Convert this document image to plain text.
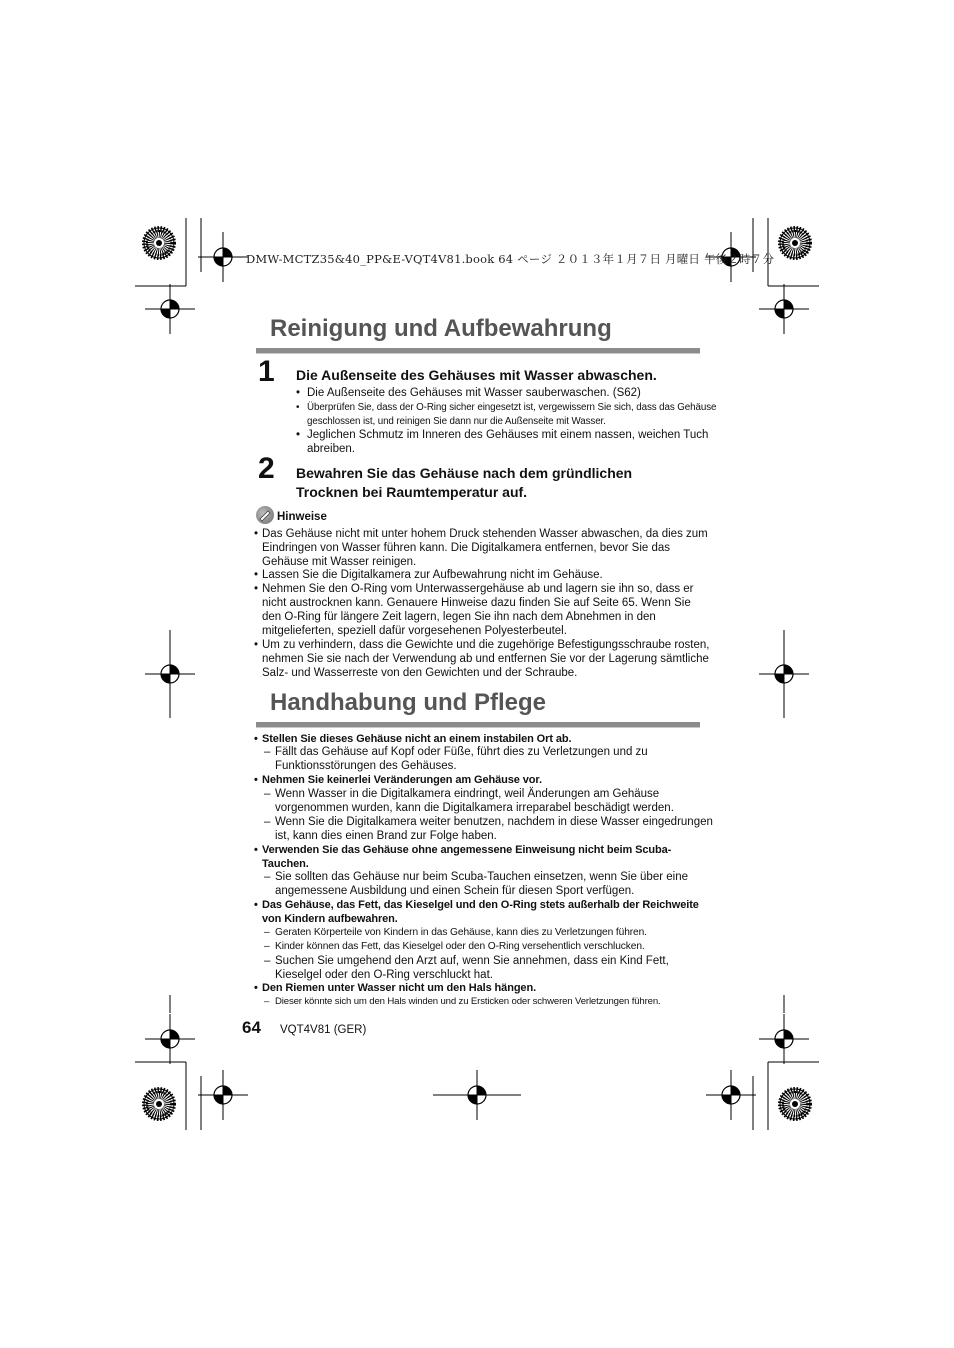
DMW-MCTZ35&40_PP&E-VQT4V81.book 64 ページ ２０１３年１月７日 月曜日 午後２時７分
Reinigung und Aufbewahrung
1 Die Außenseite des Gehäuses mit Wasser abwaschen.
• Die Außenseite des Gehäuses mit Wasser sauberwaschen. (S62)
• Überprüfen Sie, dass der O-Ring sicher eingesetzt ist, vergewissern Sie sich, dass das Gehäuse geschlossen ist, und reinigen Sie dann nur die Außenseite mit Wasser.
• Jeglichen Schmutz im Inneren des Gehäuses mit einem nassen, weichen Tuch abreiben.
2 Bewahren Sie das Gehäuse nach dem gründlichen
Trocknen bei Raumtemperatur auf.
Hinweise
• Das Gehäuse nicht mit unter hohem Druck stehenden Wasser abwaschen, da dies zum Eindringen von Wasser führen kann. Die Digitalkamera entfernen, bevor Sie das Gehäuse mit Wasser reinigen.
• Lassen Sie die Digitalkamera zur Aufbewahrung nicht im Gehäuse.
• Nehmen Sie den O-Ring vom Unterwassergehäuse ab und lagern sie ihn so, dass er nicht austrocknen kann. Genauere Hinweise dazu finden Sie auf Seite 65. Wenn Sie den O-Ring für längere Zeit lagern, legen Sie ihn nach dem Abnehmen in den mitgelieferten, speziell dafür vorgesehenen Polyesterbeutel.
• Um zu verhindern, dass die Gewichte und die zugehörige Befestigungsschraube rosten, nehmen Sie sie nach der Verwendung ab und entfernen Sie vor der Lagerung sämtliche Salz- und Wasserreste von den Gewichten und der Schraube.
Handhabung und Pflege
• Stellen Sie dieses Gehäuse nicht an einem instabilen Ort ab.
– Fällt das Gehäuse auf Kopf oder Füße, führt dies zu Verletzungen und zu Funktionsstörungen des Gehäuses.
• Nehmen Sie keinerlei Veränderungen am Gehäuse vor.
– Wenn Wasser in die Digitalkamera eindringt, weil Änderungen am Gehäuse vorgenommen wurden, kann die Digitalkamera irreparabel beschädigt werden.
– Wenn Sie die Digitalkamera weiter benutzen, nachdem in diese Wasser eingedrungen ist, kann dies einen Brand zur Folge haben.
• Verwenden Sie das Gehäuse ohne angemessene Einweisung nicht beim Scuba-Tauchen.
– Sie sollten das Gehäuse nur beim Scuba-Tauchen einsetzen, wenn Sie über eine angemessene Ausbildung und einen Schein für diesen Sport verfügen.
• Das Gehäuse, das Fett, das Kieselgel und den O-Ring stets außerhalb der Reichweite von Kindern aufbewahren.
– Geraten Körperteile von Kindern in das Gehäuse, kann dies zu Verletzungen führen.
– Kinder können das Fett, das Kieselgel oder den O-Ring versehentlich verschlucken.
– Suchen Sie umgehend den Arzt auf, wenn Sie annehmen, dass ein Kind Fett, Kieselgel oder den O-Ring verschluckt hat.
• Den Riemen unter Wasser nicht um den Hals hängen.
– Dieser könnte sich um den Hals winden und zu Ersticken oder schweren Verletzungen führen.
64 VQT4V81 (GER)
